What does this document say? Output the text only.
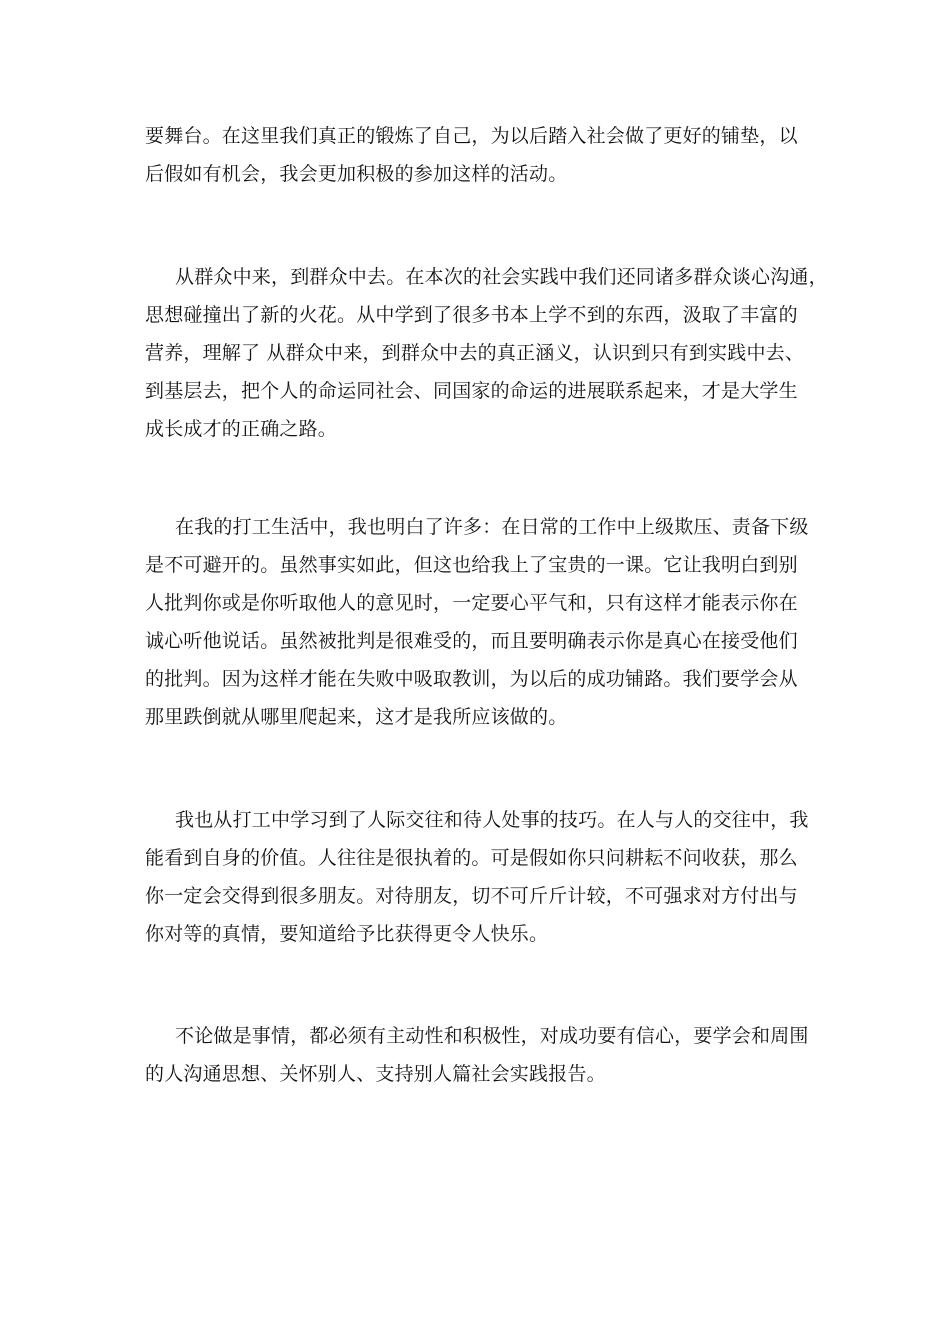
要舞台。在这里我们真正的锻炼了自己，为以后踏入社会做了更好的铺垫，以
后假如有机会，我会更加积极的参加这样的活动。
从群众中来，到群众中去。在本次的社会实践中我们还同诸多群众谈心沟通，
思想碰撞出了新的火花。从中学到了很多书本上学不到的东西，汲取了丰富的
营养，理解了 从群众中来，到群众中去的真正涵义，认识到只有到实践中去、
到基层去，把个人的命运同社会、同国家的命运的进展联系起来，才是大学生
成长成才的正确之路。
在我的打工生活中，我也明白了许多：在日常的工作中上级欺压、责备下级
是不可避开的。虽然事实如此，但这也给我上了宝贵的一课。它让我明白到别
人批判你或是你听取他人的意见时，一定要心平气和，只有这样才能表示你在
诚心听他说话。虽然被批判是很难受的，而且要明确表示你是真心在接受他们
的批判。因为这样才能在失败中吸取教训，为以后的成功铺路。我们要学会从
那里跌倒就从哪里爬起来，这才是我所应该做的。
我也从打工中学习到了人际交往和待人处事的技巧。在人与人的交往中，我
能看到自身的价值。人往往是很执着的。可是假如你只问耕耘不问收获，那么
你一定会交得到很多朋友。对待朋友，切不可斤斤计较，不可强求对方付出与
你对等的真情，要知道给予比获得更令人快乐。
不论做是事情，都必须有主动性和积极性，对成功要有信心，要学会和周围
的人沟通思想、关怀别人、支持别人篇社会实践报告。
